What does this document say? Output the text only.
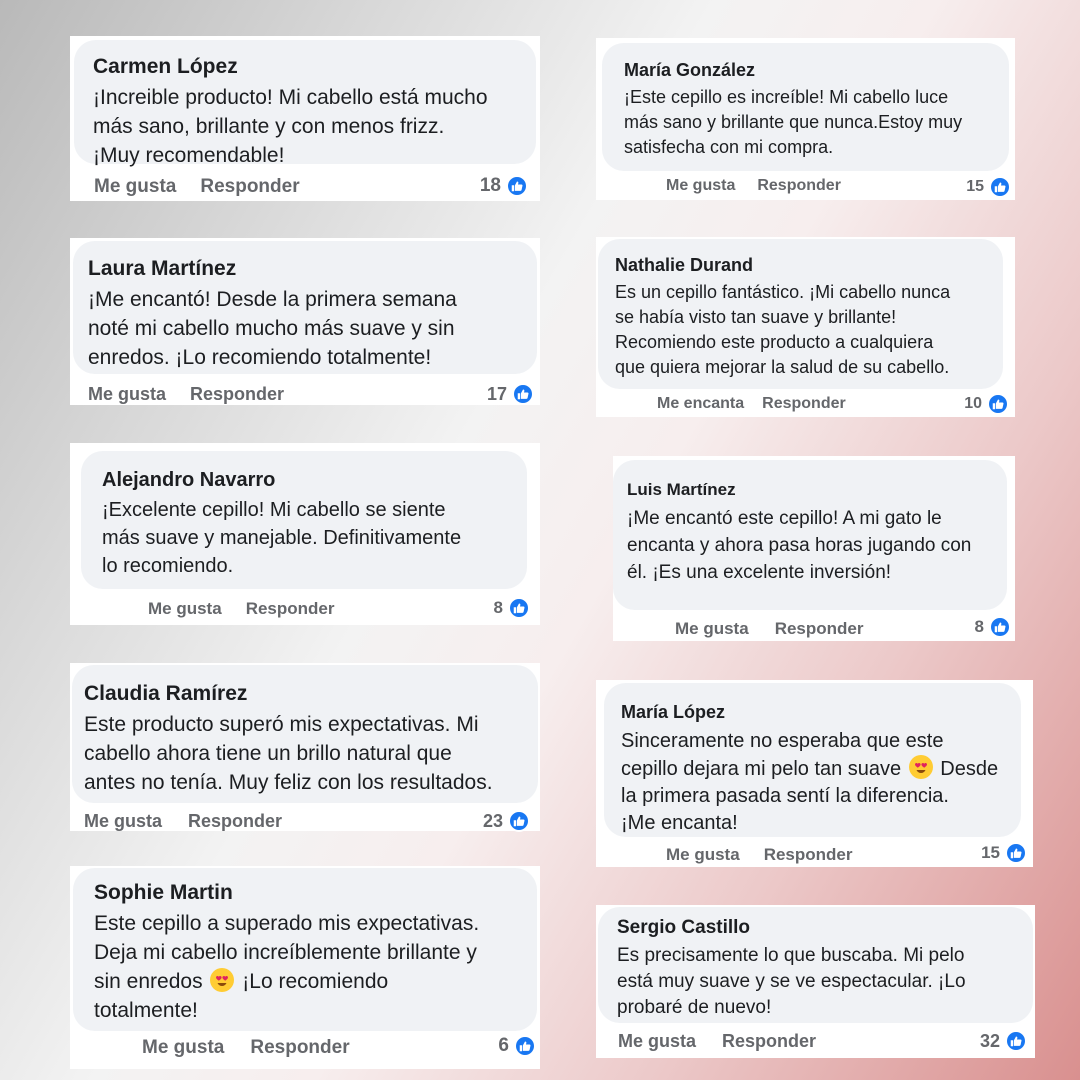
Carmen López
¡Increible producto! Mi cabello está mucho
más sano, brillante y con menos frizz.
¡Muy recomendable!
Me gusta Responder	18
María González
¡Este cepillo es increíble! Mi cabello luce
más sano y brillante que nunca.Estoy muy
satisfecha con mi compra.
Me gusta Responder	15
Laura Martínez
¡Me encantó! Desde la primera semana
noté mi cabello mucho más suave y sin
enredos. ¡Lo recomiendo totalmente!
Me gusta Responder	17
Nathalie Durand
Es un cepillo fantástico. ¡Mi cabello nunca
se había visto tan suave y brillante!
Recomiendo este producto a cualquiera
que quiera mejorar la salud de su cabello.
Me encanta Responder	10
Alejandro Navarro
¡Excelente cepillo! Mi cabello se siente
más suave y manejable. Definitivamente
lo recomiendo.
Me gusta Responder	8
Luis Martínez
¡Me encantó este cepillo! A mi gato le
encanta y ahora pasa horas jugando con
él. ¡Es una excelente inversión!
Me gusta Responder	8
Claudia Ramírez
Este producto superó mis expectativas. Mi
cabello ahora tiene un brillo natural que
antes no tenía. Muy feliz con los resultados.
Me gusta Responder	23
María López
Sinceramente no esperaba que este
cepillo dejara mi pelo tan suave Desde
la primera pasada sentí la diferencia.
¡Me encanta!
Me gusta Responder	15
Sophie Martin
Este cepillo a superado mis expectativas.
Deja mi cabello increíblemente brillante y
sin enredos ¡Lo recomiendo
totalmente!
Me gusta Responder	6
Sergio Castillo
Es precisamente lo que buscaba. Mi pelo
está muy suave y se ve espectacular. ¡Lo
probaré de nuevo!
Me gusta Responder	32
